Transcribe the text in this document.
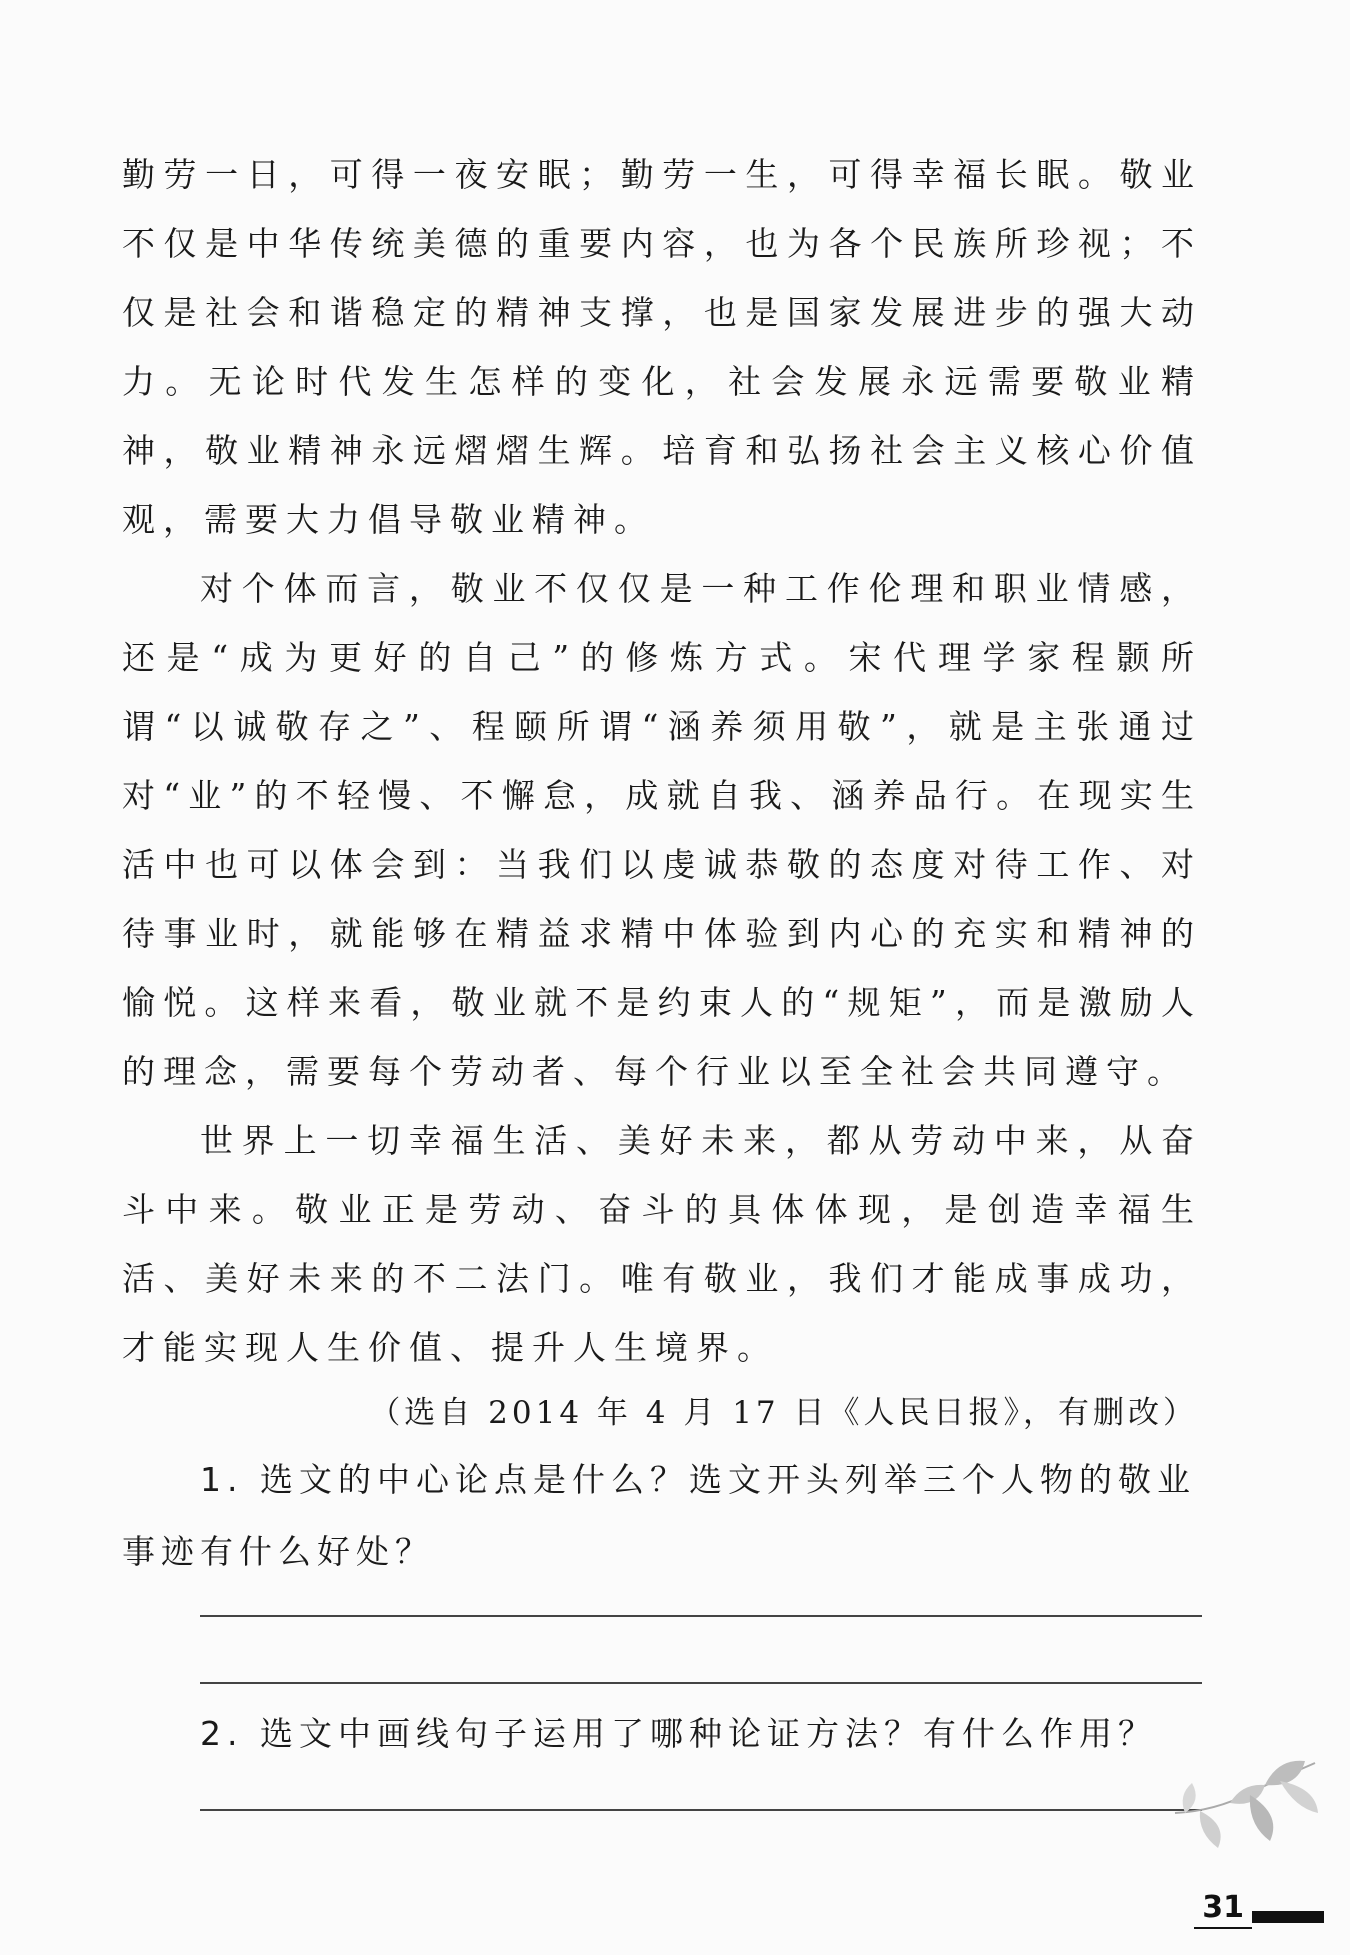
勤劳一日，可得一夜安眠；勤劳一生，可得幸福长眠。敬业不仅是中华传统美德的重要内容，也为各个民族所珍视；不仅是社会和谐稳定的精神支撑，也是国家发展进步的强大动力。无论时代发生怎样的变化，社会发展永远需要敬业精神，敬业精神永远熠熠生辉。培育和弘扬社会主义核心价值观，需要大力倡导敬业精神。

对个体而言，敬业不仅仅是一种工作伦理和职业情感，还是“成为更好的自己”的修炼方式。宋代理学家程颢所谓“以诚敬存之”、程颐所谓“涵养须用敬”，就是主张通过对“业”的不轻慢、不懈怠，成就自我、涵养品行。在现实生活中也可以体会到：当我们以虔诚恭敬的态度对待工作、对待事业时，就能够在精益求精中体验到内心的充实和精神的愉悦。这样来看，敬业就不是约束人的“规矩”，而是激励人的理念，需要每个劳动者、每个行业以至全社会共同遵守。

世界上一切幸福生活、美好未来，都从劳动中来，从奋斗中来。敬业正是劳动、奋斗的具体体现，是创造幸福生活、美好未来的不二法门。唯有敬业，我们才能成事成功，才能实现人生价值、提升人生境界。

（选自 2014 年 4 月 17 日《人民日报》，有删改）

1. 选文的中心论点是什么？选文开头列举三个人物的敬业事迹有什么好处？

2. 选文中画线句子运用了哪种论证方法？有什么作用？

31
